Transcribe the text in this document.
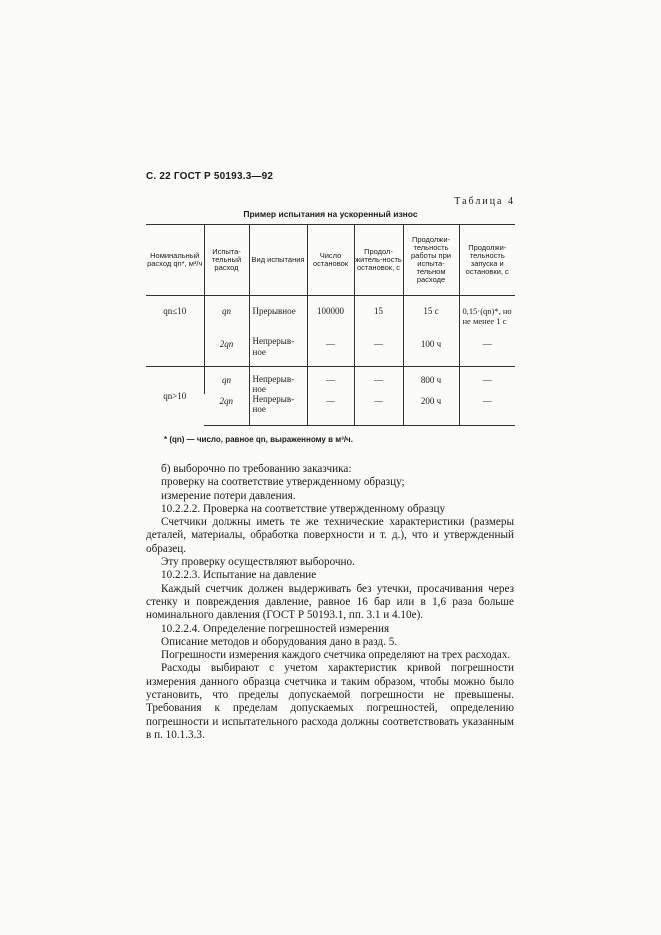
С. 22 ГОСТ Р 50193.3—92
Таблица 4
Пример испытания на ускоренный износ
Номинальный расход qn*, м³/ч	Испыта-тельный расход	Вид испытания	Число остановок	Продол-житель-ность остановок, с	Продолжи-тельность работы при испыта-тельном расходе	Продолжи-тельность запуска и остановки, с
qn≤10	qn	Прерывное	100000	15	15 с	0,15·(qn)*, но не менее 1 с
	2qn	Непрерыв-ное	—	—	100 ч	—
qn>10	qn	Непрерыв-ное	—	—	800 ч	—
	2qn	Непрерыв-ное	—	—	200 ч	—
* (qn) — число, равное qn, выраженному в м³/ч.

б) выборочно по требованию заказчика:

проверку на соответствие утвержденному образцу;

измерение потери давления.

10.2.2.2. Проверка на соответствие утвержденному образцу

Счетчики должны иметь те же технические характеристики (размеры деталей, материалы, обработка поверхности и т. д.), что и утвержденный образец.

Эту проверку осуществляют выборочно.

10.2.2.3. Испытание на давление

Каждый счетчик должен выдерживать без утечки, просачивания через стенку и повреждения давление, равное 16 бар или в 1,6 раза больше номинального давления (ГОСТ Р 50193.1, пп. 3.1 и 4.10е).

10.2.2.4. Определение погрешностей измерения

Описание методов и оборудования дано в разд. 5.

Погрешности измерения каждого счетчика определяют на трех расходах.

Расходы выбирают с учетом характеристик кривой погрешности измерения данного образца счетчика и таким образом, чтобы можно было установить, что пределы допускаемой погрешности не превышены. Требования к пределам допускаемых погрешностей, определению погрешности и испытательного расхода должны соответствовать указанным в п. 10.1.3.3.
